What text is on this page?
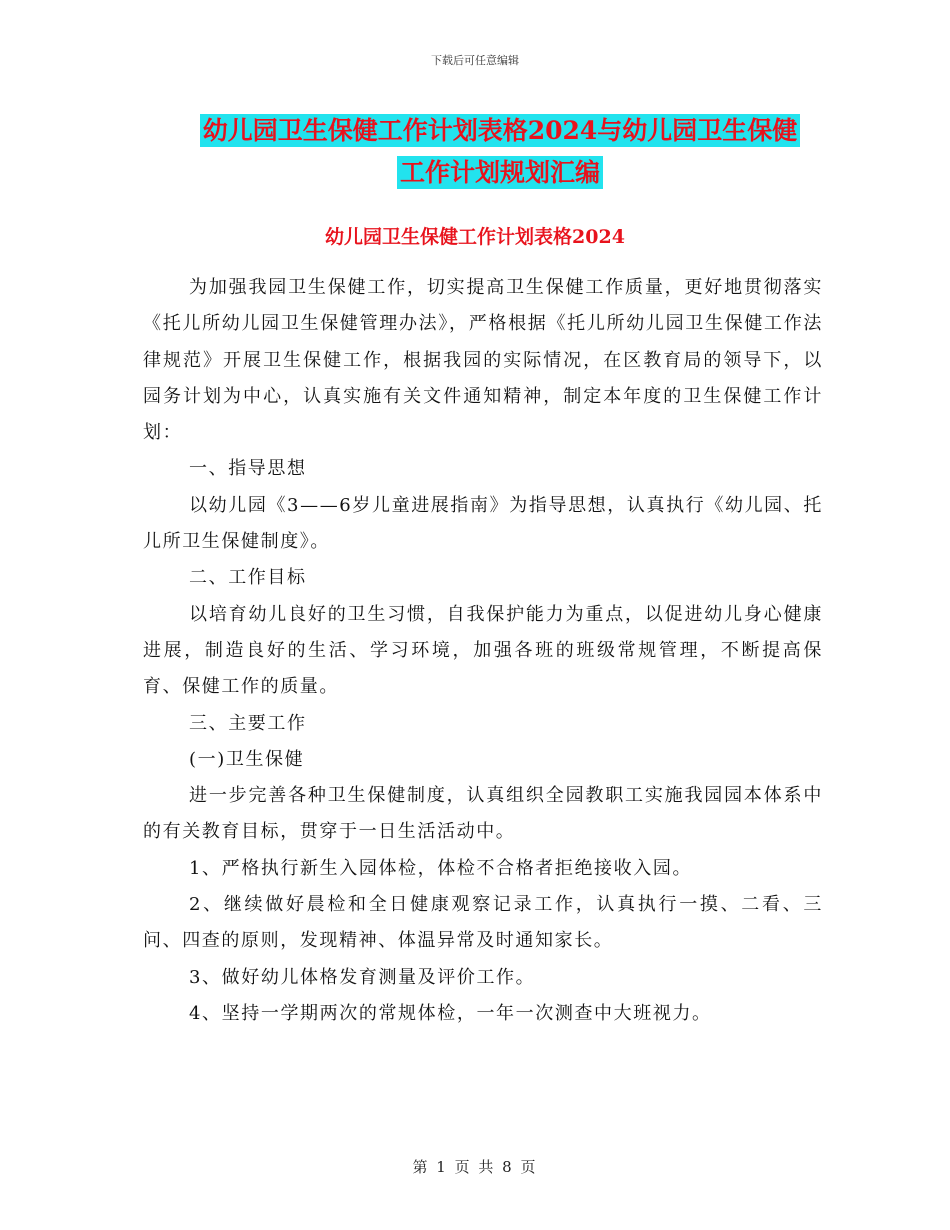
下载后可任意编辑
幼儿园卫生保健工作计划表格2024与幼儿园卫生保健
工作计划规划汇编
幼儿园卫生保健工作计划表格2024

为加强我园卫生保健工作，切实提高卫生保健工作质量，更好地贯彻落实《托儿所幼儿园卫生保健管理办法》，严格根据《托儿所幼儿园卫生保健工作法律规范》开展卫生保健工作，根据我园的实际情况，在区教育局的领导下，以园务计划为中心，认真实施有关文件通知精神，制定本年度的卫生保健工作计划：

一、指导思想

以幼儿园《3——6岁儿童进展指南》为指导思想，认真执行《幼儿园、托儿所卫生保健制度》。

二、工作目标

以培育幼儿良好的卫生习惯，自我保护能力为重点，以促进幼儿身心健康进展，制造良好的生活、学习环境，加强各班的班级常规管理，不断提高保育、保健工作的质量。

三、主要工作

(一)卫生保健

进一步完善各种卫生保健制度，认真组织全园教职工实施我园园本体系中的有关教育目标，贯穿于一日生活活动中。

1、严格执行新生入园体检，体检不合格者拒绝接收入园。

2、继续做好晨检和全日健康观察记录工作，认真执行一摸、二看、三问、四查的原则，发现精神、体温异常及时通知家长。

3、做好幼儿体格发育测量及评价工作。

4、坚持一学期两次的常规体检，一年一次测查中大班视力。

第 1 页 共 8 页
